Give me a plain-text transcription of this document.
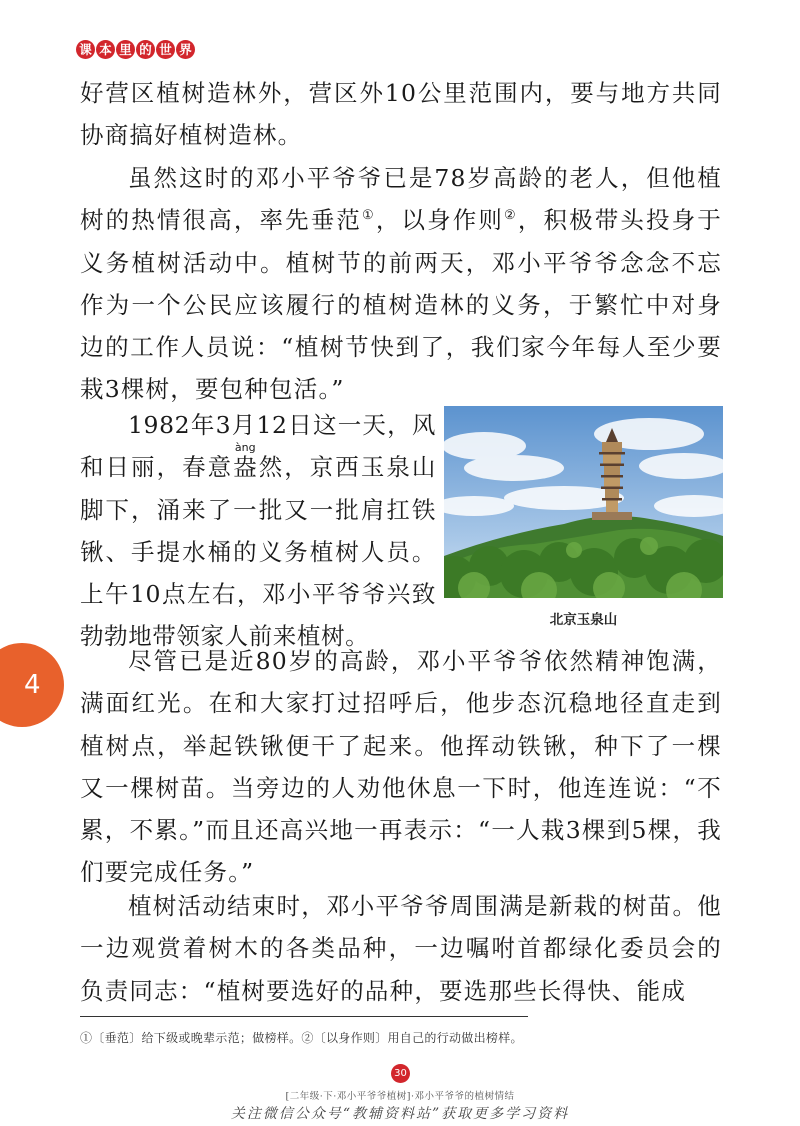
课 本 里 的 世 界

好营区植树造林外，营区外10公里范围内，要与地方共同协商搞好植树造林。

虽然这时的邓小平爷爷已是78岁高龄的老人，但他植树的热情很高，率先垂范①，以身作则②，积极带头投身于义务植树活动中。植树节的前两天，邓小平爷爷念念不忘作为一个公民应该履行的植树造林的义务，于繁忙中对身边的工作人员说：“植树节快到了，我们家今年每人至少要栽3棵树，要包种包活。”

1982年3月12日这一天，风和日丽，春意盎àng然，京西玉泉山脚下，涌来了一批又一批肩扛铁锹、手提水桶的义务植树人员。上午10点左右，邓小平爷爷兴致勃勃地带领家人前来植树。

北京玉泉山
4

尽管已是近80岁的高龄，邓小平爷爷依然精神饱满，满面红光。在和大家打过招呼后，他步态沉稳地径直走到植树点，举起铁锹便干了起来。他挥动铁锹，种下了一棵又一棵树苗。当旁边的人劝他休息一下时，他连连说：“不累，不累。”而且还高兴地一再表示：“一人栽3棵到5棵，我们要完成任务。”

植树活动结束时，邓小平爷爷周围满是新栽的树苗。他一边观赏着树木的各类品种，一边嘱咐首都绿化委员会的负责同志：“植树要选好的品种，要选那些长得快、能成

①〔垂范〕给下级或晚辈示范；做榜样。②〔以身作则〕用自己的行动做出榜样。
30
[二年级·下·邓小平爷爷植树]·邓小平爷爷的植树情结
关注微信公众号“教辅资料站”获取更多学习资料
